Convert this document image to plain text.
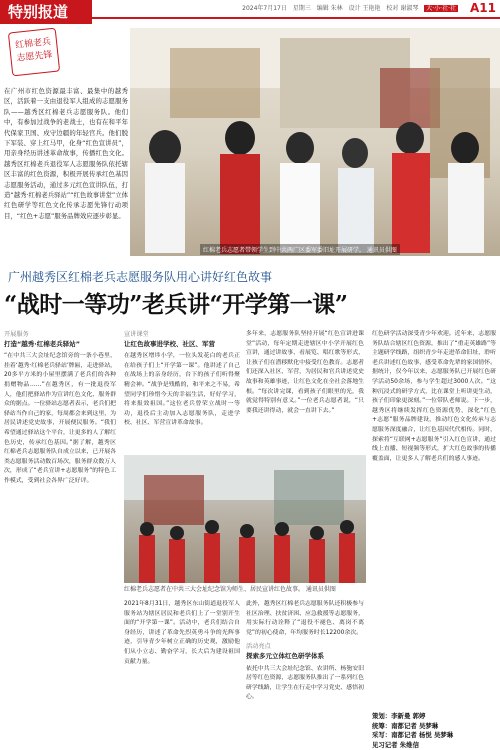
特别报道	2024年7月17日 星期三 编辑 朱林 设计 王艳艳 校对 谢淑琴 大·小·社·社 A11
红棉老兵
志愿先锋
在广州市红色资源最丰富、最集中的越秀区，活跃着一支由退役军人组成的志愿服务队——越秀区红棉老兵志愿服务队。他们中，有参加过战争的老战士，也有在和平年代保家卫国、戍守边疆的年轻官兵。他们脱下军装、穿上红马甲，化身“红色宣讲员”，用亲身经历讲述革命故事，传播红色文化。越秀区红棉老兵退役军人志愿服务队依托辖区丰富的红色资源，积极开展传承红色基因志愿服务活动，通过多元红色宣讲队伍，打造“越秀·红棉老兵驿站”“红色故事讲堂”立体红色研学等红色文化传承志愿先锋行动项目，“红色+志愿”服务品牌效应逐步彰显。
红棉老兵志愿者带领学生到中共两广区委军委旧址开展研学。 通讯员供图
广州越秀区红棉老兵志愿服务队用心讲好红色故事
“战时一等功”老兵讲“开学第一课”
开展服务
打造“越秀·红棉老兵驿站”
“在中共三大会址纪念馆旁的一条小巷里，挂着‘越秀·红棉老兵驿站’牌匾，走进驿站，20多平方米的小屋里摆满了老兵们的各种捐赠物品……”在越秀区，有一批退役军人，他们把驿站作为宣讲红色文化、服务群众的据点。一位驿站志愿者表示，老兵们把驿站当作自己的家，每周都会来到这里，为居民讲述党史故事，开展便民服务。“我们希望通过驿站这个平台，让更多的人了解红色历史，传承红色基因。”据了解，越秀区红棉老兵志愿服务队自成立以来，已开展各类志愿服务活动数百场次，服务群众数万人次，形成了“老兵宣讲+志愿服务”的特色工作模式，受到社会各界广泛好评。
宣讲课堂
让红色故事进学校、社区、军营
在越秀区增埗小学，一位头发花白的老兵正在给孩子们上“开学第一课”。他讲述了自己在战场上的亲身经历，台下的孩子们听得聚精会神。“战争是残酷的，和平来之不易，希望同学们珍惜今天的幸福生活，好好学习，将来报效祖国。”这位老兵曾荣立战时一等功，退役后主动加入志愿服务队，走进学校、社区、军营宣讲革命故事。
多年来，志愿服务队坚持开展“红色宣讲进课堂”活动，每年定期走进辖区中小学开展红色宣讲，通过讲故事、看展览、唱红歌等形式，让孩子们在潜移默化中接受红色教育。志愿者们还深入社区、军营，为居民和官兵讲述党史故事和英雄事迹，让红色文化在全社会落地生根。“每次讲完课，看到孩子们眼里的光，我就觉得特别有意义。”一位老兵志愿者说，“只要我还讲得动，就会一直讲下去。”
红色研学活动深受青少年欢迎。近年来，志愿服务队结合辖区红色资源，推出了“重走英雄路”等主题研学线路，组织青少年走进革命旧址，聆听老兵讲述红色故事，感受革命先辈的家国情怀。据统计，仅今年以来，志愿服务队已开展红色研学活动50余场，参与学生超过3000人次。“这种沉浸式的研学方式，比在课堂上听讲更生动，孩子们印象更深刻。”一位带队老师说。下一步，越秀区将继续发挥红色资源优势，深化“红色+志愿”服务品牌建设，推动红色文化传承与志愿服务深度融合，让红色基因代代相传。同时，探索将“互联网+志愿服务”引入红色宣讲，通过线上直播、短视频等形式，扩大红色故事的传播覆盖面，让更多人了解老兵们的感人事迹。
红棉老兵志愿者在中共三大会址纪念馆为师生、居民宣讲红色故事。 通讯员供图
2021年8月31日，越秀区东山街道退役军人服务站为辖区居民和老兵们上了一堂别开生面的“开学第一课”。活动中，老兵们结合自身经历，讲述了革命先烈英勇斗争的光辉事迹，引导青少年树立正确的历史观，激励他们从小立志、勤奋学习，长大后为建设祖国贡献力量。
此外，越秀区红棉老兵志愿服务队还积极参与社区治理、扶贫济困、应急救援等志愿服务，用实际行动诠释了“退役不褪色、离岗不离党”的初心使命，年均服务时长12200余次。
活动亮点
探索多元立体红色研学体系
依托中共三大会址纪念馆、农讲所、杨匏安旧居等红色资源，志愿服务队推出了一系列红色研学线路，让学生在行走中学习党史、感悟初心。
策划：李新曼 郭婷
统筹：南都记者 吴梦琳
采写：南都记者 杨悦 吴梦琳
见习记者 朱维信
